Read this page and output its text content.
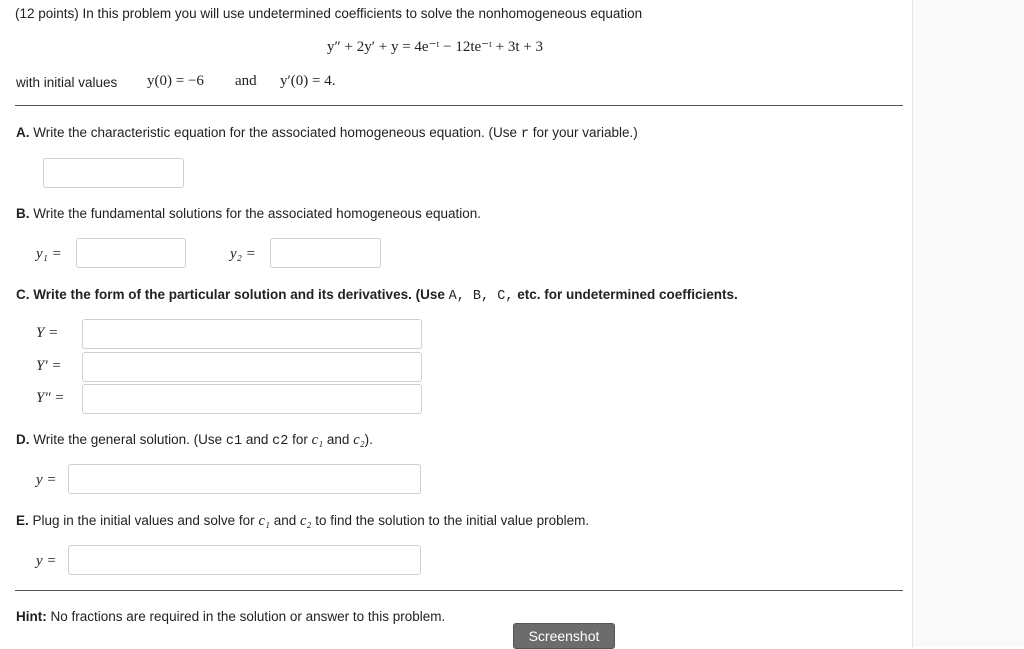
(12 points) In this problem you will use undetermined coefficients to solve the nonhomogeneous equation
y″ + 2y′ + y = 4e⁻ᵗ − 12te⁻ᵗ + 3t + 3
with initial values y(0) = −6 and y′(0) = 4.
A. Write the characteristic equation for the associated homogeneous equation. (Use r for your variable.)
B. Write the fundamental solutions for the associated homogeneous equation.
y₁ =	y₂ =
C. Write the form of the particular solution and its derivatives. (Use A, B, C, etc. for undetermined coefficients.
Y =
Y′ =
Y″ =
D. Write the general solution. (Use c1 and c2 for c₁ and c₂).
y =
E. Plug in the initial values and solve for c₁ and c₂ to find the solution to the initial value problem.
y =
Hint: No fractions are required in the solution or answer to this problem.
Screenshot
